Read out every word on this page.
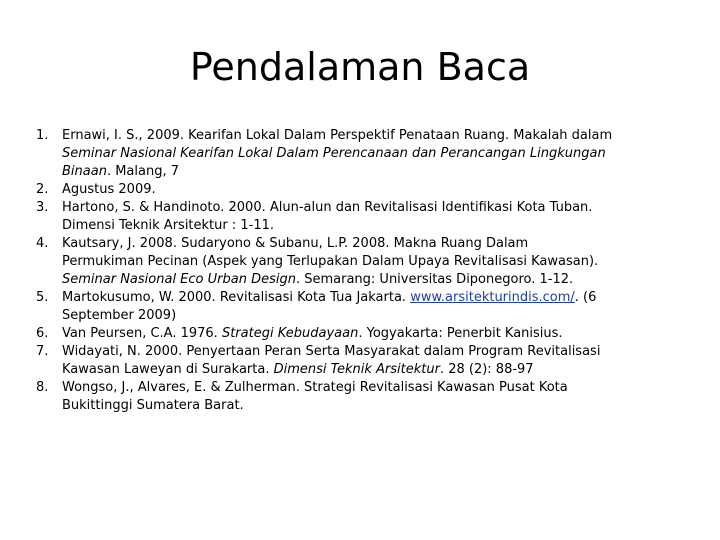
Pendalaman Baca
1.	Ernawi, I. S., 2009. Kearifan Lokal Dalam Perspektif Penataan Ruang. Makalah dalam
Seminar Nasional Kearifan Lokal Dalam Perencanaan dan Perancangan Lingkungan
Binaan. Malang, 7
2.	Agustus 2009.
3.	Hartono, S. & Handinoto. 2000. Alun-alun dan Revitalisasi Identifikasi Kota Tuban.
Dimensi Teknik Arsitektur : 1-11.
4.	Kautsary, J. 2008. Sudaryono & Subanu, L.P. 2008. Makna Ruang Dalam
Permukiman Pecinan (Aspek yang Terlupakan Dalam Upaya Revitalisasi Kawasan).
Seminar Nasional Eco Urban Design. Semarang: Universitas Diponegoro. 1-12.
5.	Martokusumo, W. 2000. Revitalisasi Kota Tua Jakarta. www.arsitekturindis.com/. (6
September 2009)
6.	Van Peursen, C.A. 1976. Strategi Kebudayaan. Yogyakarta: Penerbit Kanisius.
7.	Widayati, N. 2000. Penyertaan Peran Serta Masyarakat dalam Program Revitalisasi
Kawasan Laweyan di Surakarta. Dimensi Teknik Arsitektur. 28 (2): 88-97
8.	Wongso, J., Alvares, E. & Zulherman. Strategi Revitalisasi Kawasan Pusat Kota
Bukittinggi Sumatera Barat.
